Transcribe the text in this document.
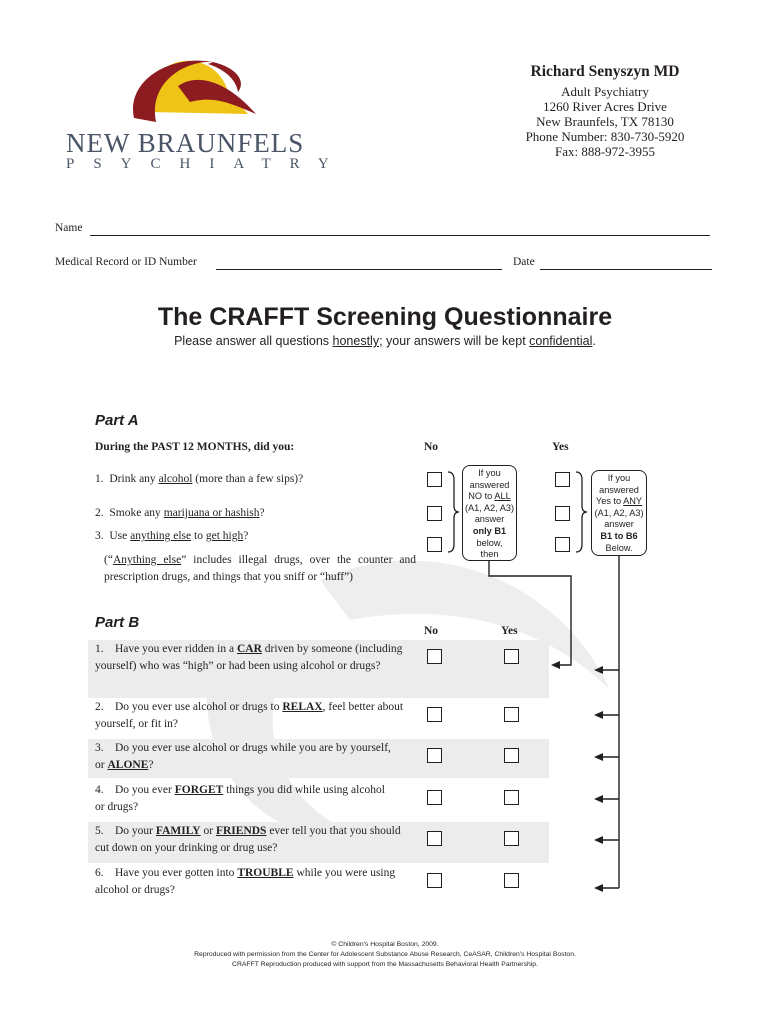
NEW BRAUNFELS
PSYCHIATRY
Richard Senyszyn MD
Adult Psychiatry
1260 River Acres Drive
New Braunfels, TX 78130
Phone Number: 830-730-5920
Fax: 888-972-3955
Name
Medical Record or ID Number	Date
The CRAFFT Screening Questionnaire
Please answer all questions honestly; your answers will be kept confidential.
Part A
During the PAST 12 MONTHS, did you:	No	Yes
1. Drink any alcohol (more than a few sips)?
2. Smoke any marijuana or hashish?
3. Use anything else to get high?
(“Anything else” includes illegal drugs, over the counter and prescription drugs, and things that you sniff or “huff”)
If you
answered
NO to ALL
(A1, A2, A3)
answer
only B1
below,
then
If you
answered
Yes to ANY
(A1, A2, A3)
answer
B1 to B6
Below.
Part B	No	Yes
1. Have you ever ridden in a CAR driven by someone (including yourself) who was “high” or had been using alcohol or drugs?
2. Do you ever use alcohol or drugs to RELAX, feel better about yourself, or fit in?
3. Do you ever use alcohol or drugs while you are by yourself, or ALONE?
4. Do you ever FORGET things you did while using alcohol or drugs?
5. Do your FAMILY or FRIENDS ever tell you that you should cut down on your drinking or drug use?
6. Have you ever gotten into TROUBLE while you were using alcohol or drugs?
© Children's Hospital Boston, 2009.
Reproduced with permission from the Center for Adolescent Substance Abuse Research, CeASAR, Children's Hospital Boston.
CRAFFT Reproduction produced with support from the Massachusetts Behavioral Health Partnership.
